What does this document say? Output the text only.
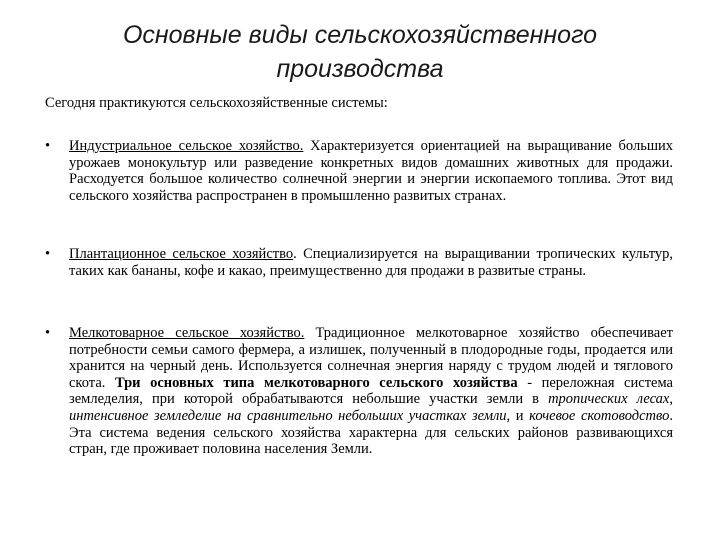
Основные виды сельскохозяйственного производства
Сегодня практикуются сельскохозяйственные системы:
•	Индустриальное сельское хозяйство. Характеризуется ориентацией на выращивание больших урожаев монокультур или разведение конкретных видов домашних животных для продажи. Расходуется большое количество солнечной энергии и энергии ископаемого топлива. Этот вид сельского хозяйства распространен в промышленно развитых странах.
•	Плантационное сельское хозяйство. Специализируется на выращивании тропических культур, таких как бананы, кофе и какао, преимущественно для продажи в развитые страны.
•	Мелкотоварное сельское хозяйство. Традиционное мелкотоварное хозяйство обеспечивает потребности семьи самого фермера, а излишек, полученный в плодородные годы, продается или хранится на черный день. Используется солнечная энергия наряду с трудом людей и тяглового скота. Три основных типа мелкотоварного сельского хозяйства - переложная система земледелия, при которой обрабатываются небольшие участки земли в тропических лесах, интенсивное земледелие на сравнительно небольших участках земли, и кочевое скотоводство. Эта система ведения сельского хозяйства характерна для сельских районов развивающихся стран, где проживает половина населения Земли.
